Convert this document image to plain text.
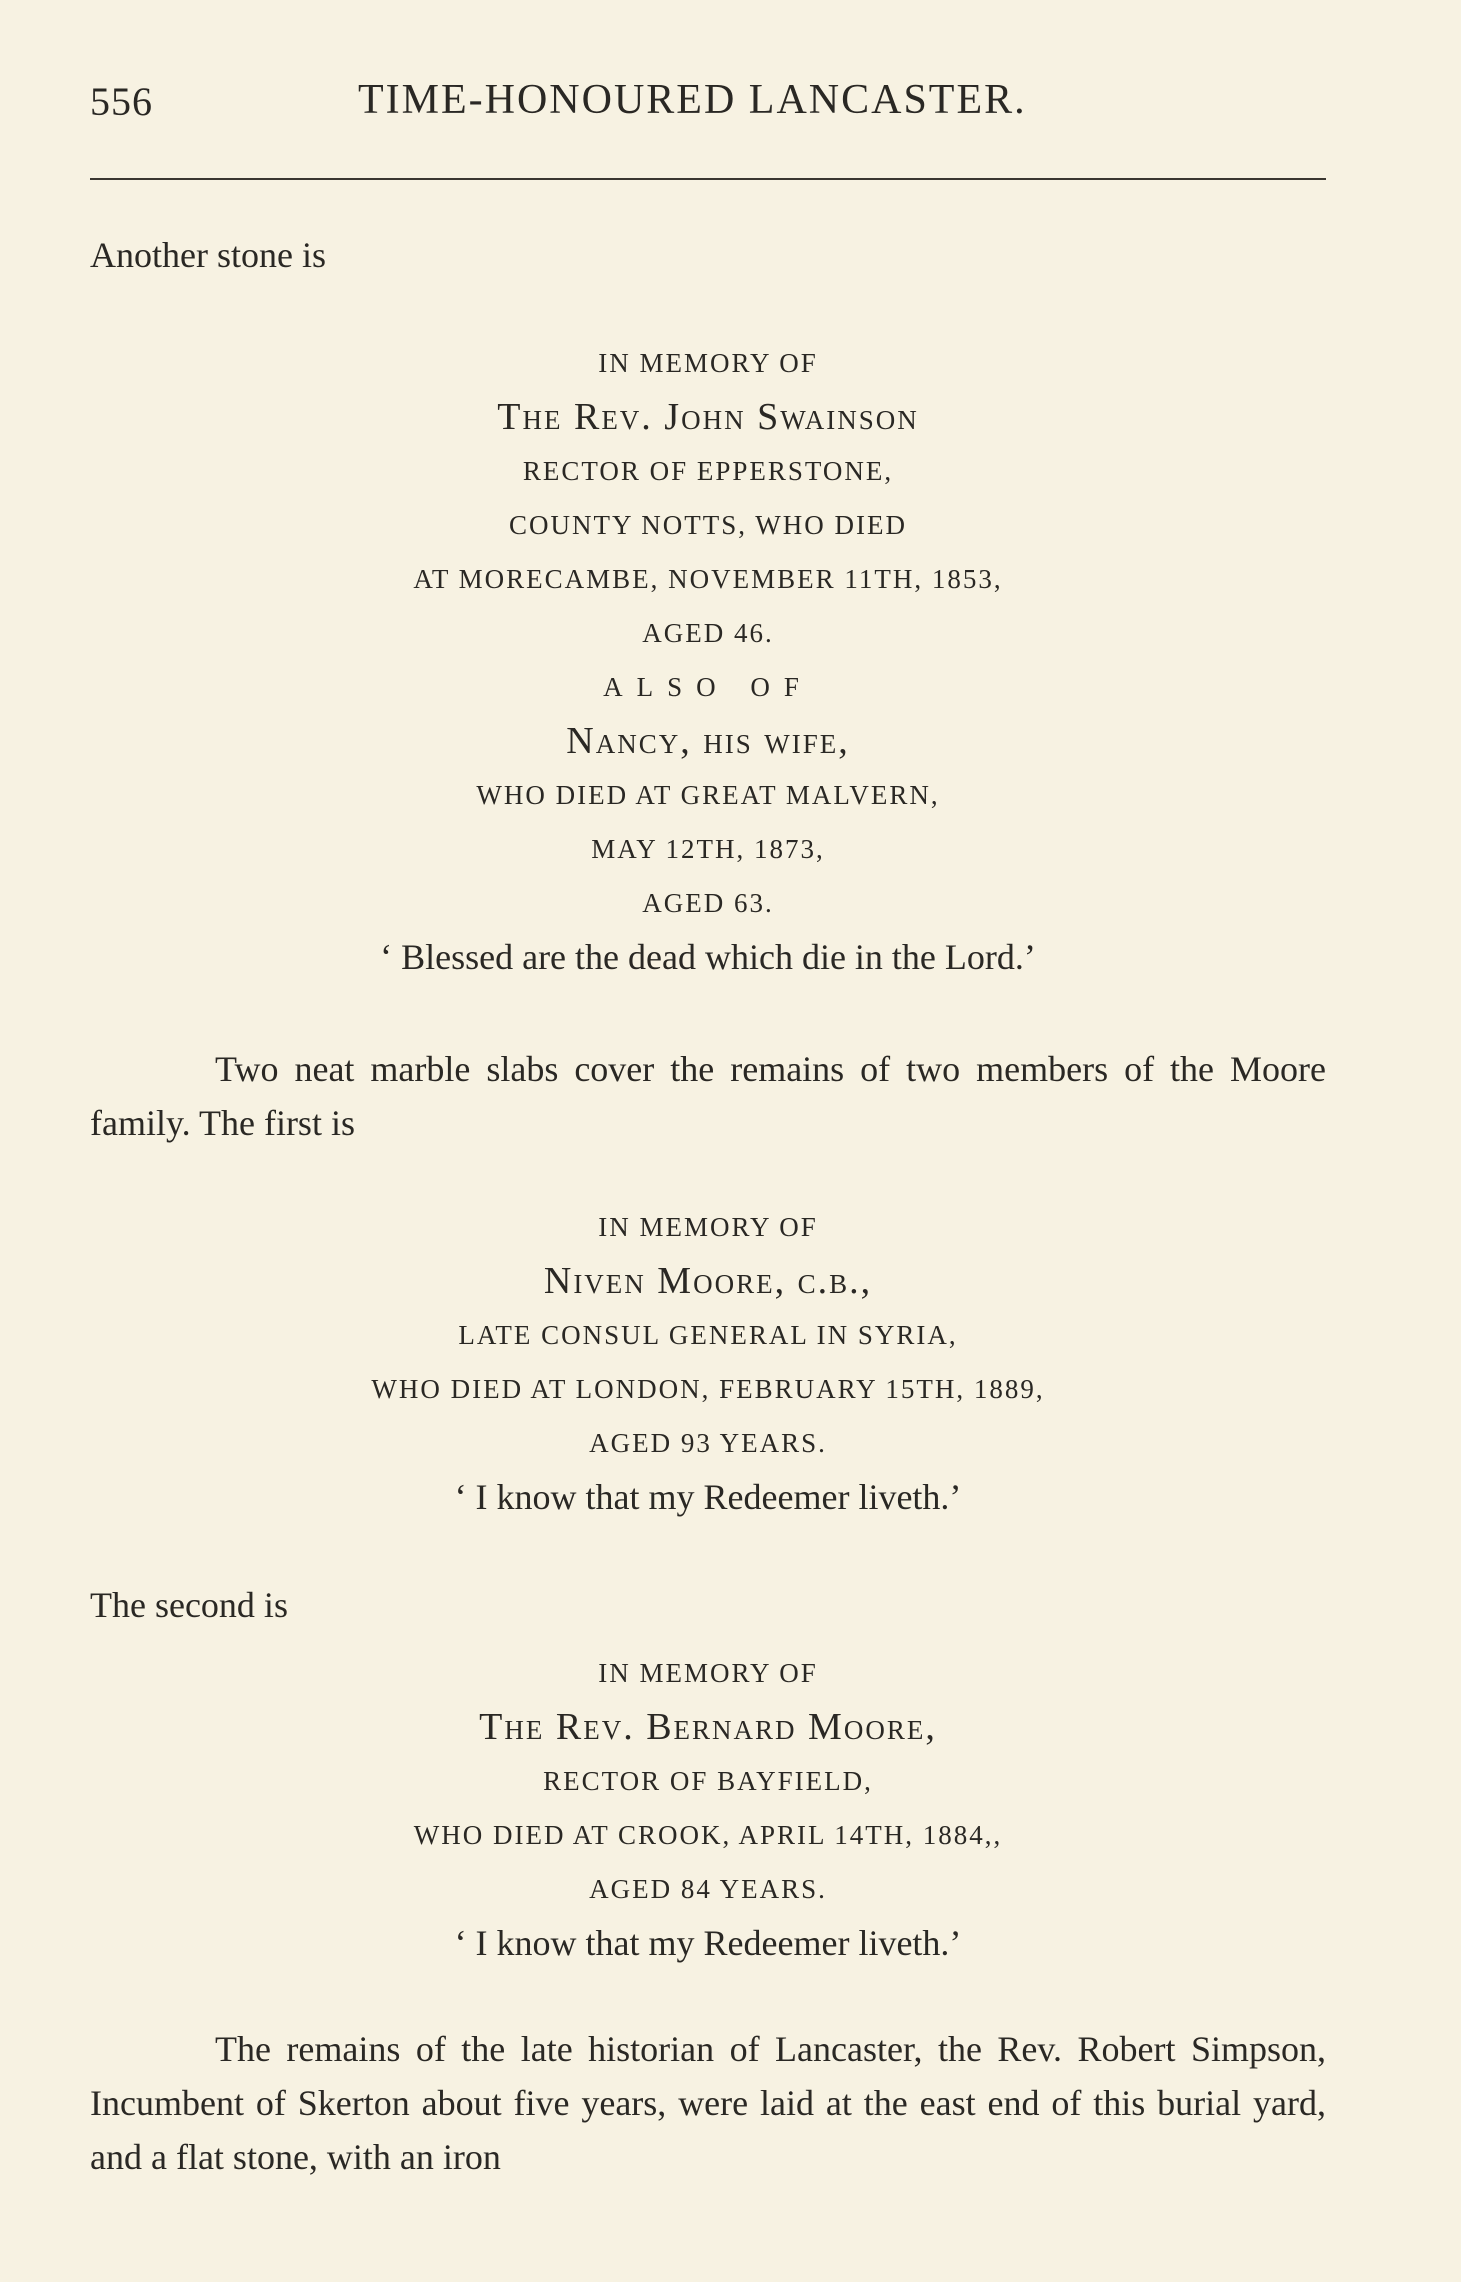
556	TIME-HONOURED LANCASTER.
Another stone is
IN MEMORY OF
The Rev. John Swainson
RECTOR OF EPPERSTONE,
COUNTY NOTTS, WHO DIED
AT MORECAMBE, NOVEMBER 11TH, 1853,
AGED 46.
ALSO OF
Nancy, his wife,
WHO DIED AT GREAT MALVERN,
MAY 12TH, 1873,
AGED 63.
‘ Blessed are the dead which die in the Lord.’
Two neat marble slabs cover the remains of two members of the Moore family. The first is
IN MEMORY OF
Niven Moore, c.b.,
LATE CONSUL GENERAL IN SYRIA,
WHO DIED AT LONDON, FEBRUARY 15TH, 1889,
AGED 93 YEARS.
‘ I know that my Redeemer liveth.’
The second is
IN MEMORY OF
The Rev. Bernard Moore,
RECTOR OF BAYFIELD,
WHO DIED AT CROOK, APRIL 14TH, 1884,,
AGED 84 YEARS.
‘ I know that my Redeemer liveth.’
The remains of the late historian of Lancaster, the Rev. Robert Simpson, Incumbent of Skerton about five years, were laid at the east end of this burial yard, and a flat stone, with an iron
